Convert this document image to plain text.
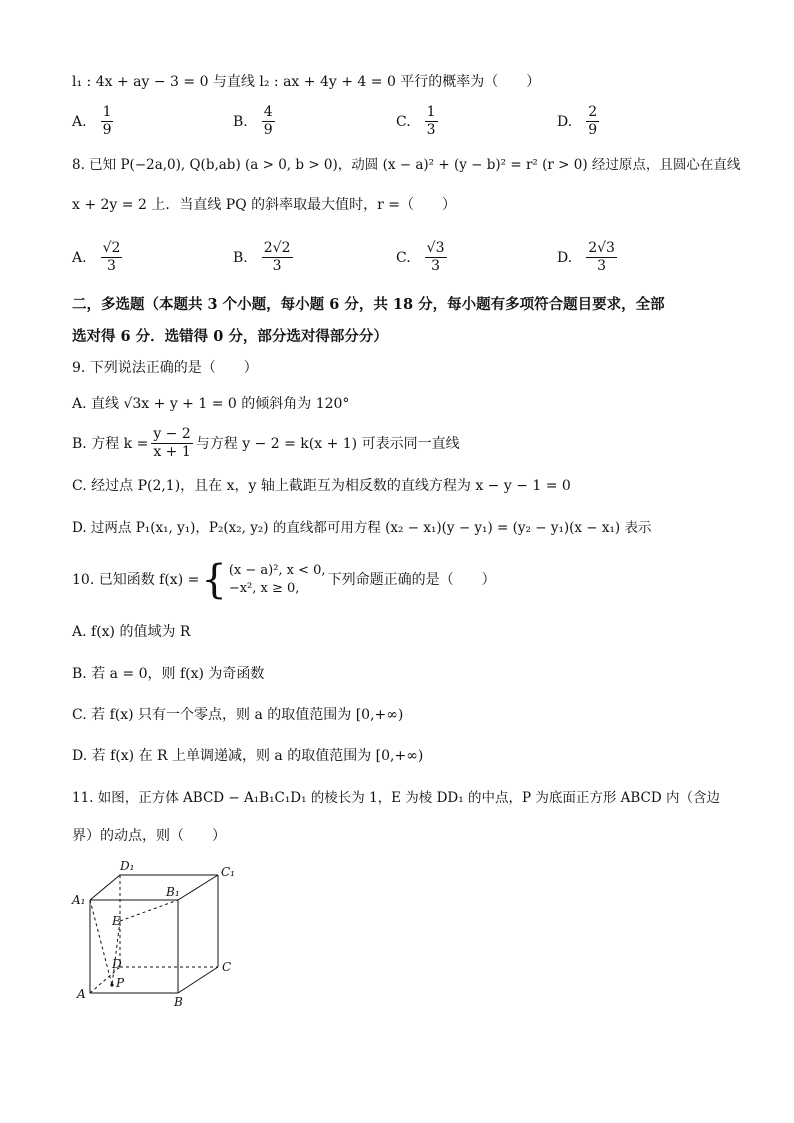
l₁ : 4x + ay − 3 = 0 与直线 l₂ : ax + 4y + 4 = 0 平行的概率为（　　）
A. $\frac{1}{9}$	B. $\frac{4}{9}$	C. $\frac{1}{3}$	D. $\frac{2}{9}$
8. 已知 P(−2a,0), Q(b,ab) (a > 0, b > 0)，动圆 (x − a)² + (y − b)² = r² (r > 0) 经过原点，且圆心在直线
x + 2y = 2 上．当直线 PQ 的斜率取最大值时，r =（　　）
A. $\frac{√2}{3}$	B. $\frac{2√2}{3}$	C. $\frac{√3}{3}$	D. $\frac{2√3}{3}$
二，多选题（本题共 3 个小题，每小题 6 分，共 18 分，每小题有多项符合题目要求，全部
选对得 6 分．选错得 0 分，部分选对得部分分）
9. 下列说法正确的是（　　）
A. 直线 √3x + y + 1 = 0 的倾斜角为 120°
B. 方程 $k = \frac{y - 2}{x + 1}$ 与方程 y − 2 = k(x + 1) 可表示同一直线
C. 经过点 P(2,1)，且在 x，y 轴上截距互为相反数的直线方程为 x − y − 1 = 0
D. 过两点 P₁(x₁, y₁)，P₂(x₂, y₂) 的直线都可用方程 (x₂ − x₁)(y − y₁) = (y₂ − y₁)(x − x₁) 表示
10. 已知函数 f(x) = { (x − a)², x < 0,
−x², x ≥ 0,
下列命题正确的是（　　）
A. f(x) 的值域为 R
B. 若 a = 0，则 f(x) 为奇函数
C. 若 f(x) 只有一个零点，则 a 的取值范围为 [0,+∞)
D. 若 f(x) 在 R 上单调递减，则 a 的取值范围为 [0,+∞)
11. 如图，正方体 ABCD − A₁B₁C₁D₁ 的棱长为 1，E 为棱 DD₁ 的中点，P 为底面正方形 ABCD 内（含边
界）的动点，则（　　）
D₁	C₁
A₁
B₁
E
D	C
A
P
B
